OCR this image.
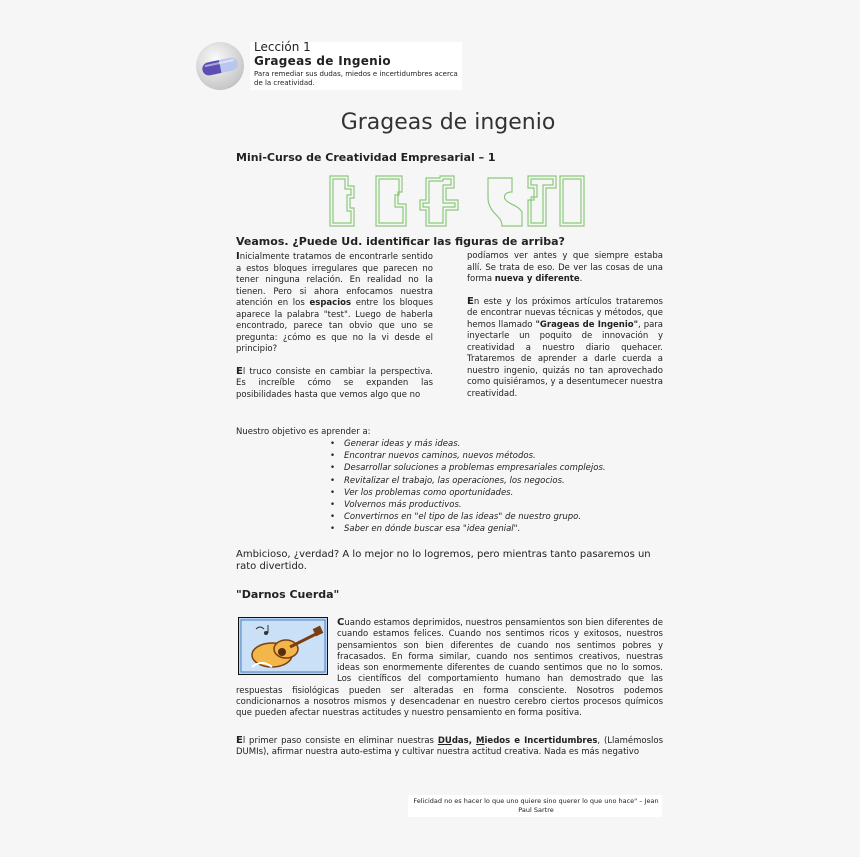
Lección 1
Grageas de Ingenio
Para remediar sus dudas, miedos e incertidumbres acerca de la creatividad.
Grageas de ingenio
Mini-Curso de Creatividad Empresarial – 1
Veamos. ¿Puede Ud. identificar las figuras de arriba?

Inicialmente tratamos de encontrarle sentido a estos bloques irregulares que parecen no tener ninguna relación. En realidad no la tienen. Pero si ahora enfocamos nuestra atención en los espacios entre los bloques aparece la palabra "test". Luego de haberla encontrado, parece tan obvio que uno se pregunta: ¿cómo es que no la vi desde el principio?

El truco consiste en cambiar la perspectiva. Es increíble cómo se expanden las posibilidades hasta que vemos algo que no

podíamos ver antes y que siempre estaba allí. Se trata de eso. De ver las cosas de una forma nueva y diferente.

En este y los próximos artículos trataremos de encontrar nuevas técnicas y métodos, que hemos llamado "Grageas de Ingenio", para inyectarle un poquito de innovación y creatividad a nuestro diario quehacer. Trataremos de aprender a darle cuerda a nuestro ingenio, quizás no tan aprovechado como quisiéramos, y a desentumecer nuestra creatividad.

Nuestro objetivo es aprender a:
• Generar ideas y más ideas.
• Encontrar nuevos caminos, nuevos métodos.
• Desarrollar soluciones a problemas empresariales complejos.
• Revitalizar el trabajo, las operaciones, los negocios.
• Ver los problemas como oportunidades.
• Volvernos más productivos.
• Convertirnos en "el tipo de las ideas" de nuestro grupo.
• Saber en dónde buscar esa "idea genial".
Ambicioso, ¿verdad? A lo mejor no lo logremos, pero mientras tanto pasaremos un rato divertido.
"Darnos Cuerda"
Cuando estamos deprimidos, nuestros pensamientos son bien diferentes de cuando estamos felices. Cuando nos sentimos ricos y exitosos, nuestros pensamientos son bien diferentes de cuando nos sentimos pobres y fracasados. En forma similar, cuando nos sentimos creativos, nuestras ideas son enormemente diferentes de cuando sentimos que no lo somos. Los científicos del comportamiento humano han demostrado que las respuestas fisiológicas pueden ser alteradas en forma consciente. Nosotros podemos condicionarnos a nosotros mismos y desencadenar en nuestro cerebro ciertos procesos químicos que pueden afectar nuestras actitudes y nuestro pensamiento en forma positiva.
El primer paso consiste en eliminar nuestras DUdas, Miedos e Incertidumbres, (Llamémoslos DUMIs), afirmar nuestra auto-estima y cultivar nuestra actitud creativa. Nada es más negativo
Felicidad no es hacer lo que uno quiere sino querer lo que uno hace" – Jean Paul Sartre
